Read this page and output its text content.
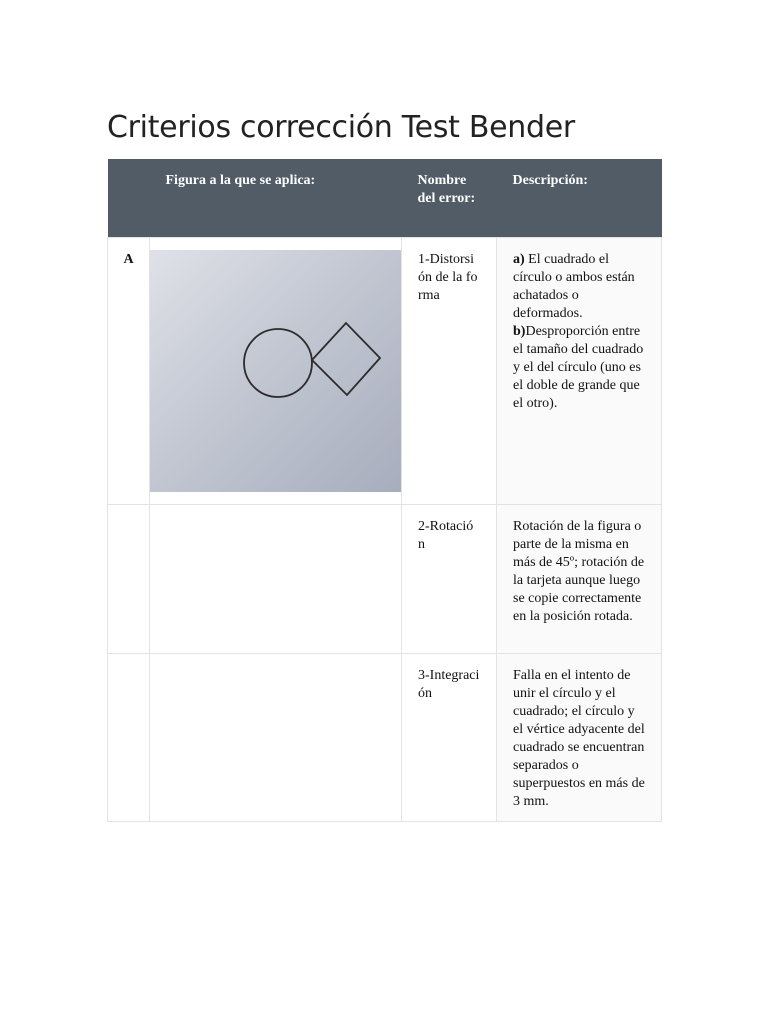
Criterios corrección Test Bender
	Figura a la que se aplica:	Nombre del error:	Descripción:
A		1-Distorsión de la forma	a) El cuadrado el círculo o ambos están achatados o deformados. b)Desproporción entre el tamaño del cuadrado y el del círculo (uno es el doble de grande que el otro).
		2-Rotación	Rotación de la figura o parte de la misma en más de 45º; rotación de la tarjeta aunque luego se copie correctamente en la posición rotada.
		3-Integración	Falla en el intento de unir el círculo y el cuadrado; el círculo y el vértice adyacente del cuadrado se encuentran separados o superpuestos en más de 3 mm.
